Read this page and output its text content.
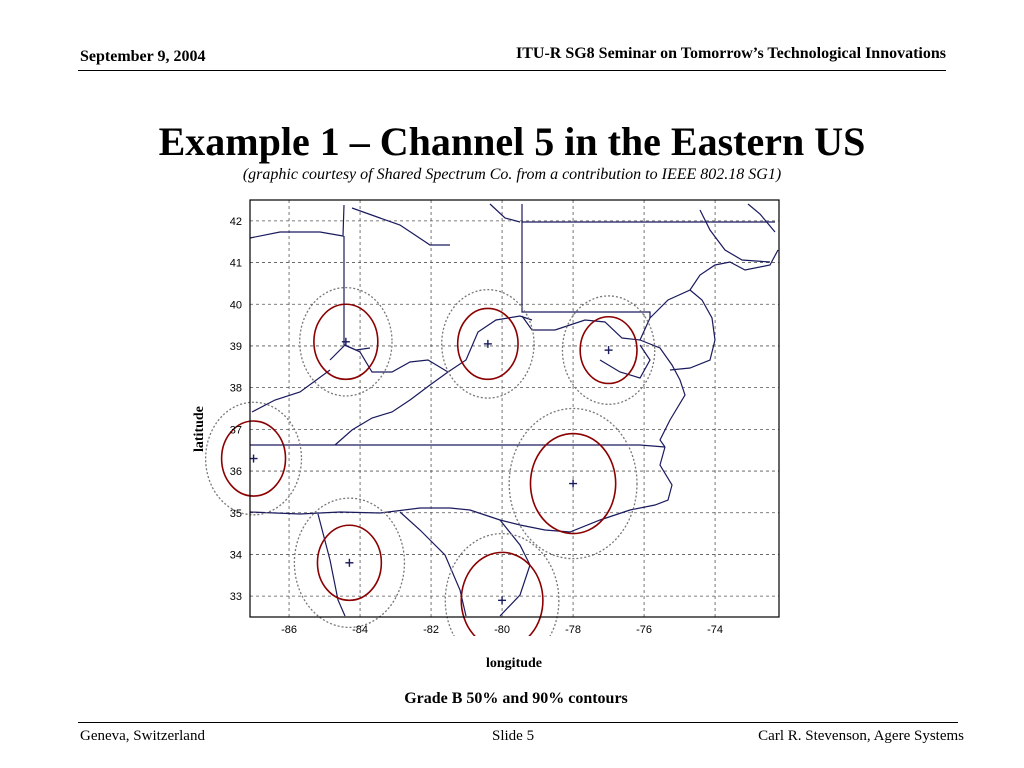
September 9, 2004	ITU-R SG8 Seminar on Tomorrow’s Technological Innovations
Example 1 – Channel 5 in the Eastern US
(graphic courtesy of Shared Spectrum Co. from a contribution to IEEE 802.18 SG1)
-86	-84	-82	-80	-78	-76	-74
42
41
40
39
38
37
36
35
34
33
latitude
longitude
Grade B 50% and 90% contours
Geneva, Switzerland	Slide 5	Carl R. Stevenson, Agere Systems
